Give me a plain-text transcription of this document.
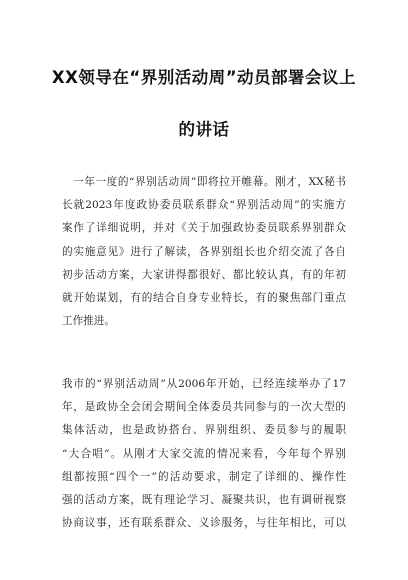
XX领导在“界别活动周”动员部署会议上
的讲话
　一年一度的“界别活动周”即将拉开帷幕。刚才，XX秘书
长就2023年度政协委员联系群众“界别活动周”的实施方
案作了详细说明，并对《关于加强政协委员联系界别群众
的实施意见》进行了解读，各界别组长也介绍交流了各自
初步活动方案，大家讲得都很好、都比较认真，有的年初
就开始谋划，有的结合自身专业特长，有的聚焦部门重点
工作推进。
我市的“界别活动周”从2006年开始，已经连续举办了17
年，是政协全会闭会期间全体委员共同参与的一次大型的
集体活动，也是政协搭台、界别组织、委员参与的履职
“大合唱”。从刚才大家交流的情况来看，今年每个界别
组都按照“四个一”的活动要求，制定了详细的、操作性
强的活动方案，既有理论学习、凝聚共识，也有调研视察
协商议事，还有联系群众、义诊服务，与往年相比，可以
